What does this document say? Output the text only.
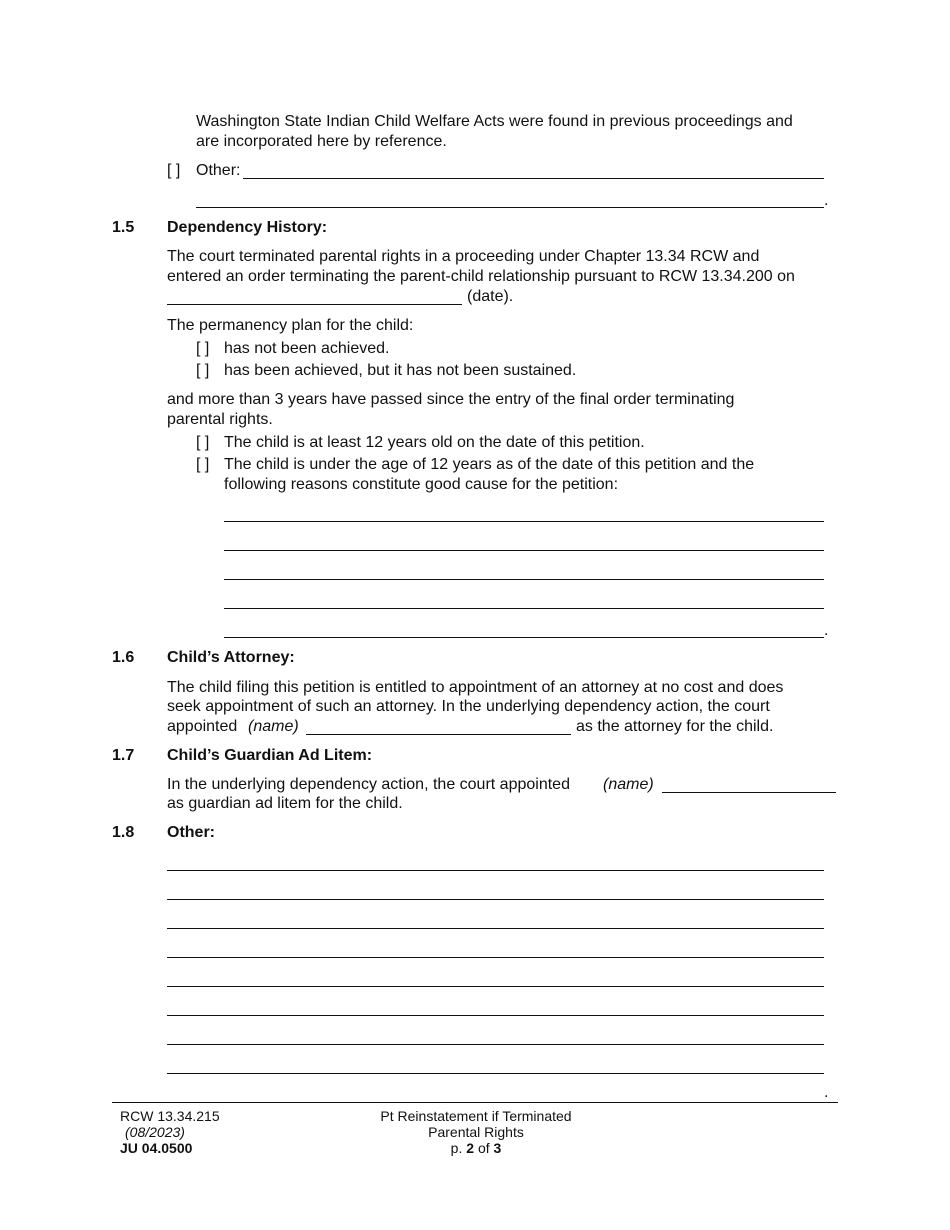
Washington State Indian Child Welfare Acts were found in previous proceedings and
are incorporated here by reference.
[ ] Other:
.
1.5 Dependency History:
The court terminated parental rights in a proceeding under Chapter 13.34 RCW and
entered an order terminating the parent-child relationship pursuant to RCW 13.34.200 on
(date).
The permanency plan for the child:
[ ] has not been achieved.
[ ] has been achieved, but it has not been sustained.
and more than 3 years have passed since the entry of the final order terminating
parental rights.
[ ] The child is at least 12 years old on the date of this petition.
[ ] The child is under the age of 12 years as of the date of this petition and the
following reasons constitute good cause for the petition:
.
1.6 Child’s Attorney:
The child filing this petition is entitled to appointment of an attorney at no cost and does
seek appointment of such an attorney. In the underlying dependency action, the court
appointed (name)	as the attorney for the child.
1.7 Child’s Guardian Ad Litem:
In the underlying dependency action, the court appointed (name)
as guardian ad litem for the child.
1.8 Other:
.
RCW 13.34.215
(08/2023)
JU 04.0500
Pt Reinstatement if Terminated
Parental Rights
p. 2 of 3
